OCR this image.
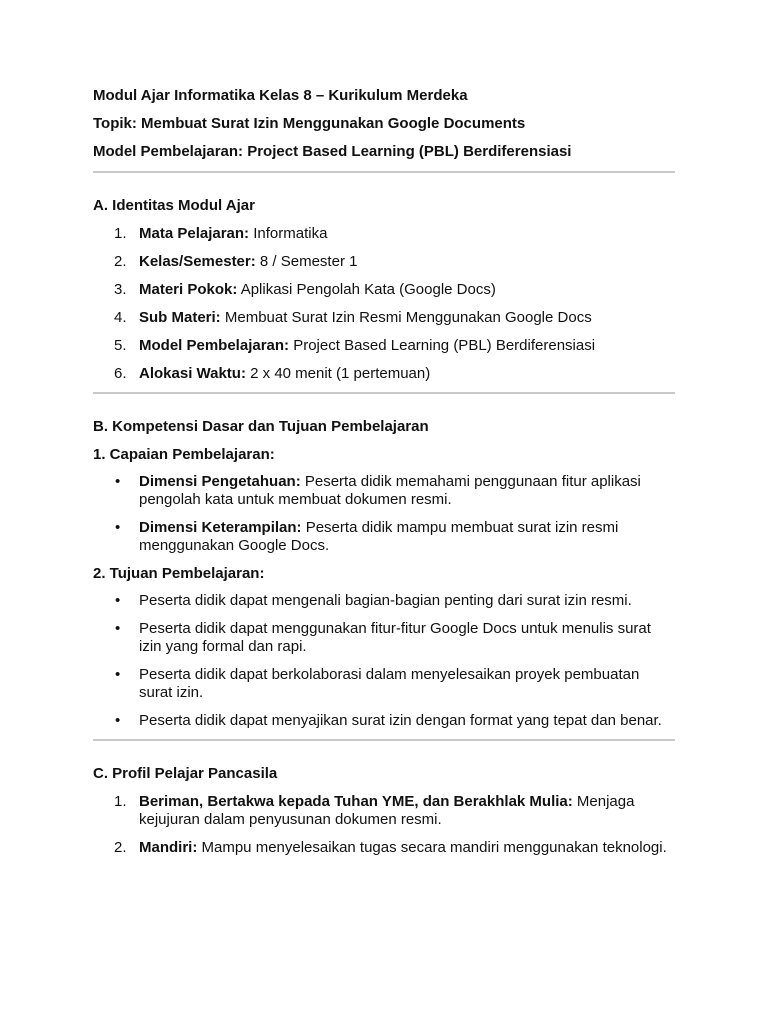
Modul Ajar Informatika Kelas 8 – Kurikulum Merdeka
Topik: Membuat Surat Izin Menggunakan Google Documents
Model Pembelajaran: Project Based Learning (PBL) Berdiferensiasi
A. Identitas Modul Ajar
1. Mata Pelajaran: Informatika
2. Kelas/Semester: 8 / Semester 1
3. Materi Pokok: Aplikasi Pengolah Kata (Google Docs)
4. Sub Materi: Membuat Surat Izin Resmi Menggunakan Google Docs
5. Model Pembelajaran: Project Based Learning (PBL) Berdiferensiasi
6. Alokasi Waktu: 2 x 40 menit (1 pertemuan)
B. Kompetensi Dasar dan Tujuan Pembelajaran
1. Capaian Pembelajaran:
• Dimensi Pengetahuan: Peserta didik memahami penggunaan fitur aplikasi pengolah kata untuk membuat dokumen resmi.
• Dimensi Keterampilan: Peserta didik mampu membuat surat izin resmi menggunakan Google Docs.
2. Tujuan Pembelajaran:
• Peserta didik dapat mengenali bagian-bagian penting dari surat izin resmi.
• Peserta didik dapat menggunakan fitur-fitur Google Docs untuk menulis surat izin yang formal dan rapi.
• Peserta didik dapat berkolaborasi dalam menyelesaikan proyek pembuatan surat izin.
• Peserta didik dapat menyajikan surat izin dengan format yang tepat dan benar.
C. Profil Pelajar Pancasila
1. Beriman, Bertakwa kepada Tuhan YME, dan Berakhlak Mulia: Menjaga kejujuran dalam penyusunan dokumen resmi.
2. Mandiri: Mampu menyelesaikan tugas secara mandiri menggunakan teknologi.
